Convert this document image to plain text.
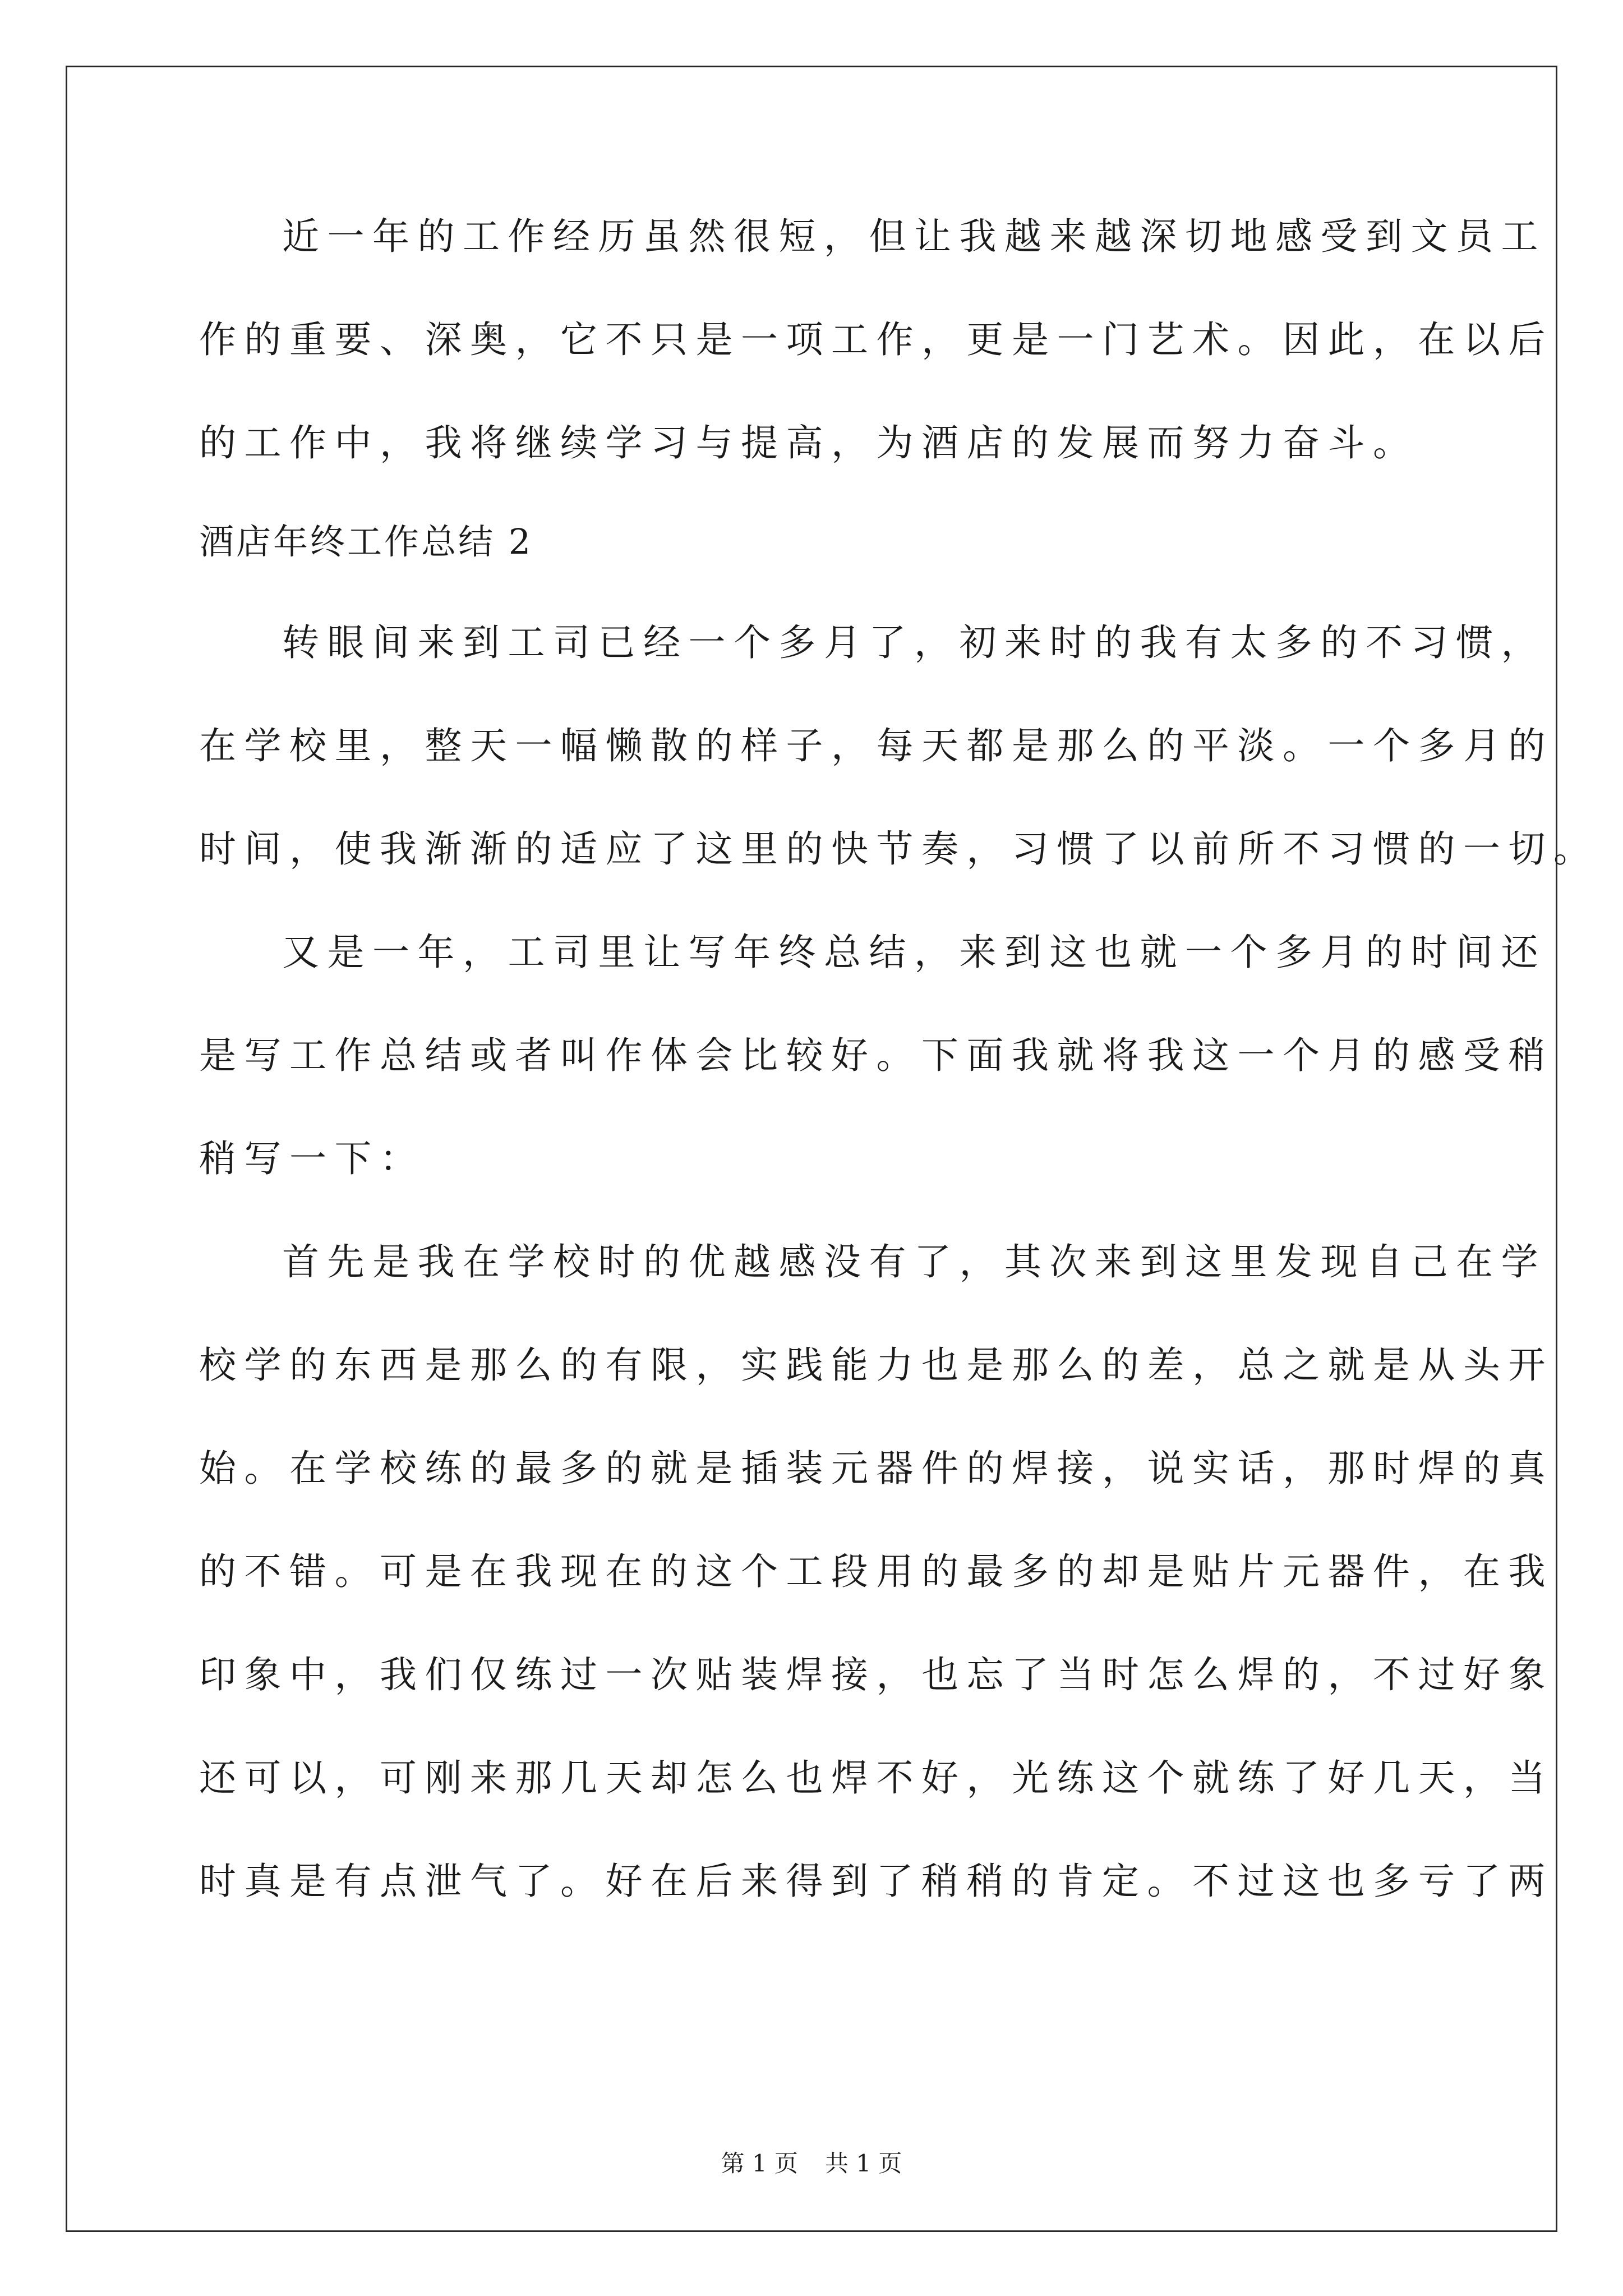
近一年的工作经历虽然很短，但让我越来越深切地感受到文员工
作的重要、深奥，它不只是一项工作，更是一门艺术。因此，在以后
的工作中，我将继续学习与提高，为酒店的发展而努力奋斗。
酒店年终工作总结 2
转眼间来到工司已经一个多月了，初来时的我有太多的不习惯，
在学校里，整天一幅懒散的样子，每天都是那么的平淡。一个多月的
时间，使我渐渐的适应了这里的快节奏，习惯了以前所不习惯的一切。
又是一年，工司里让写年终总结，来到这也就一个多月的时间还
是写工作总结或者叫作体会比较好。下面我就将我这一个月的感受稍
稍写一下：
首先是我在学校时的优越感没有了，其次来到这里发现自己在学
校学的东西是那么的有限，实践能力也是那么的差，总之就是从头开
始。在学校练的最多的就是插装元器件的焊接，说实话，那时焊的真
的不错。可是在我现在的这个工段用的最多的却是贴片元器件，在我
印象中，我们仅练过一次贴装焊接，也忘了当时怎么焊的，不过好象
还可以，可刚来那几天却怎么也焊不好，光练这个就练了好几天，当
时真是有点泄气了。好在后来得到了稍稍的肯定。不过这也多亏了两
第 1 页 共 1 页
